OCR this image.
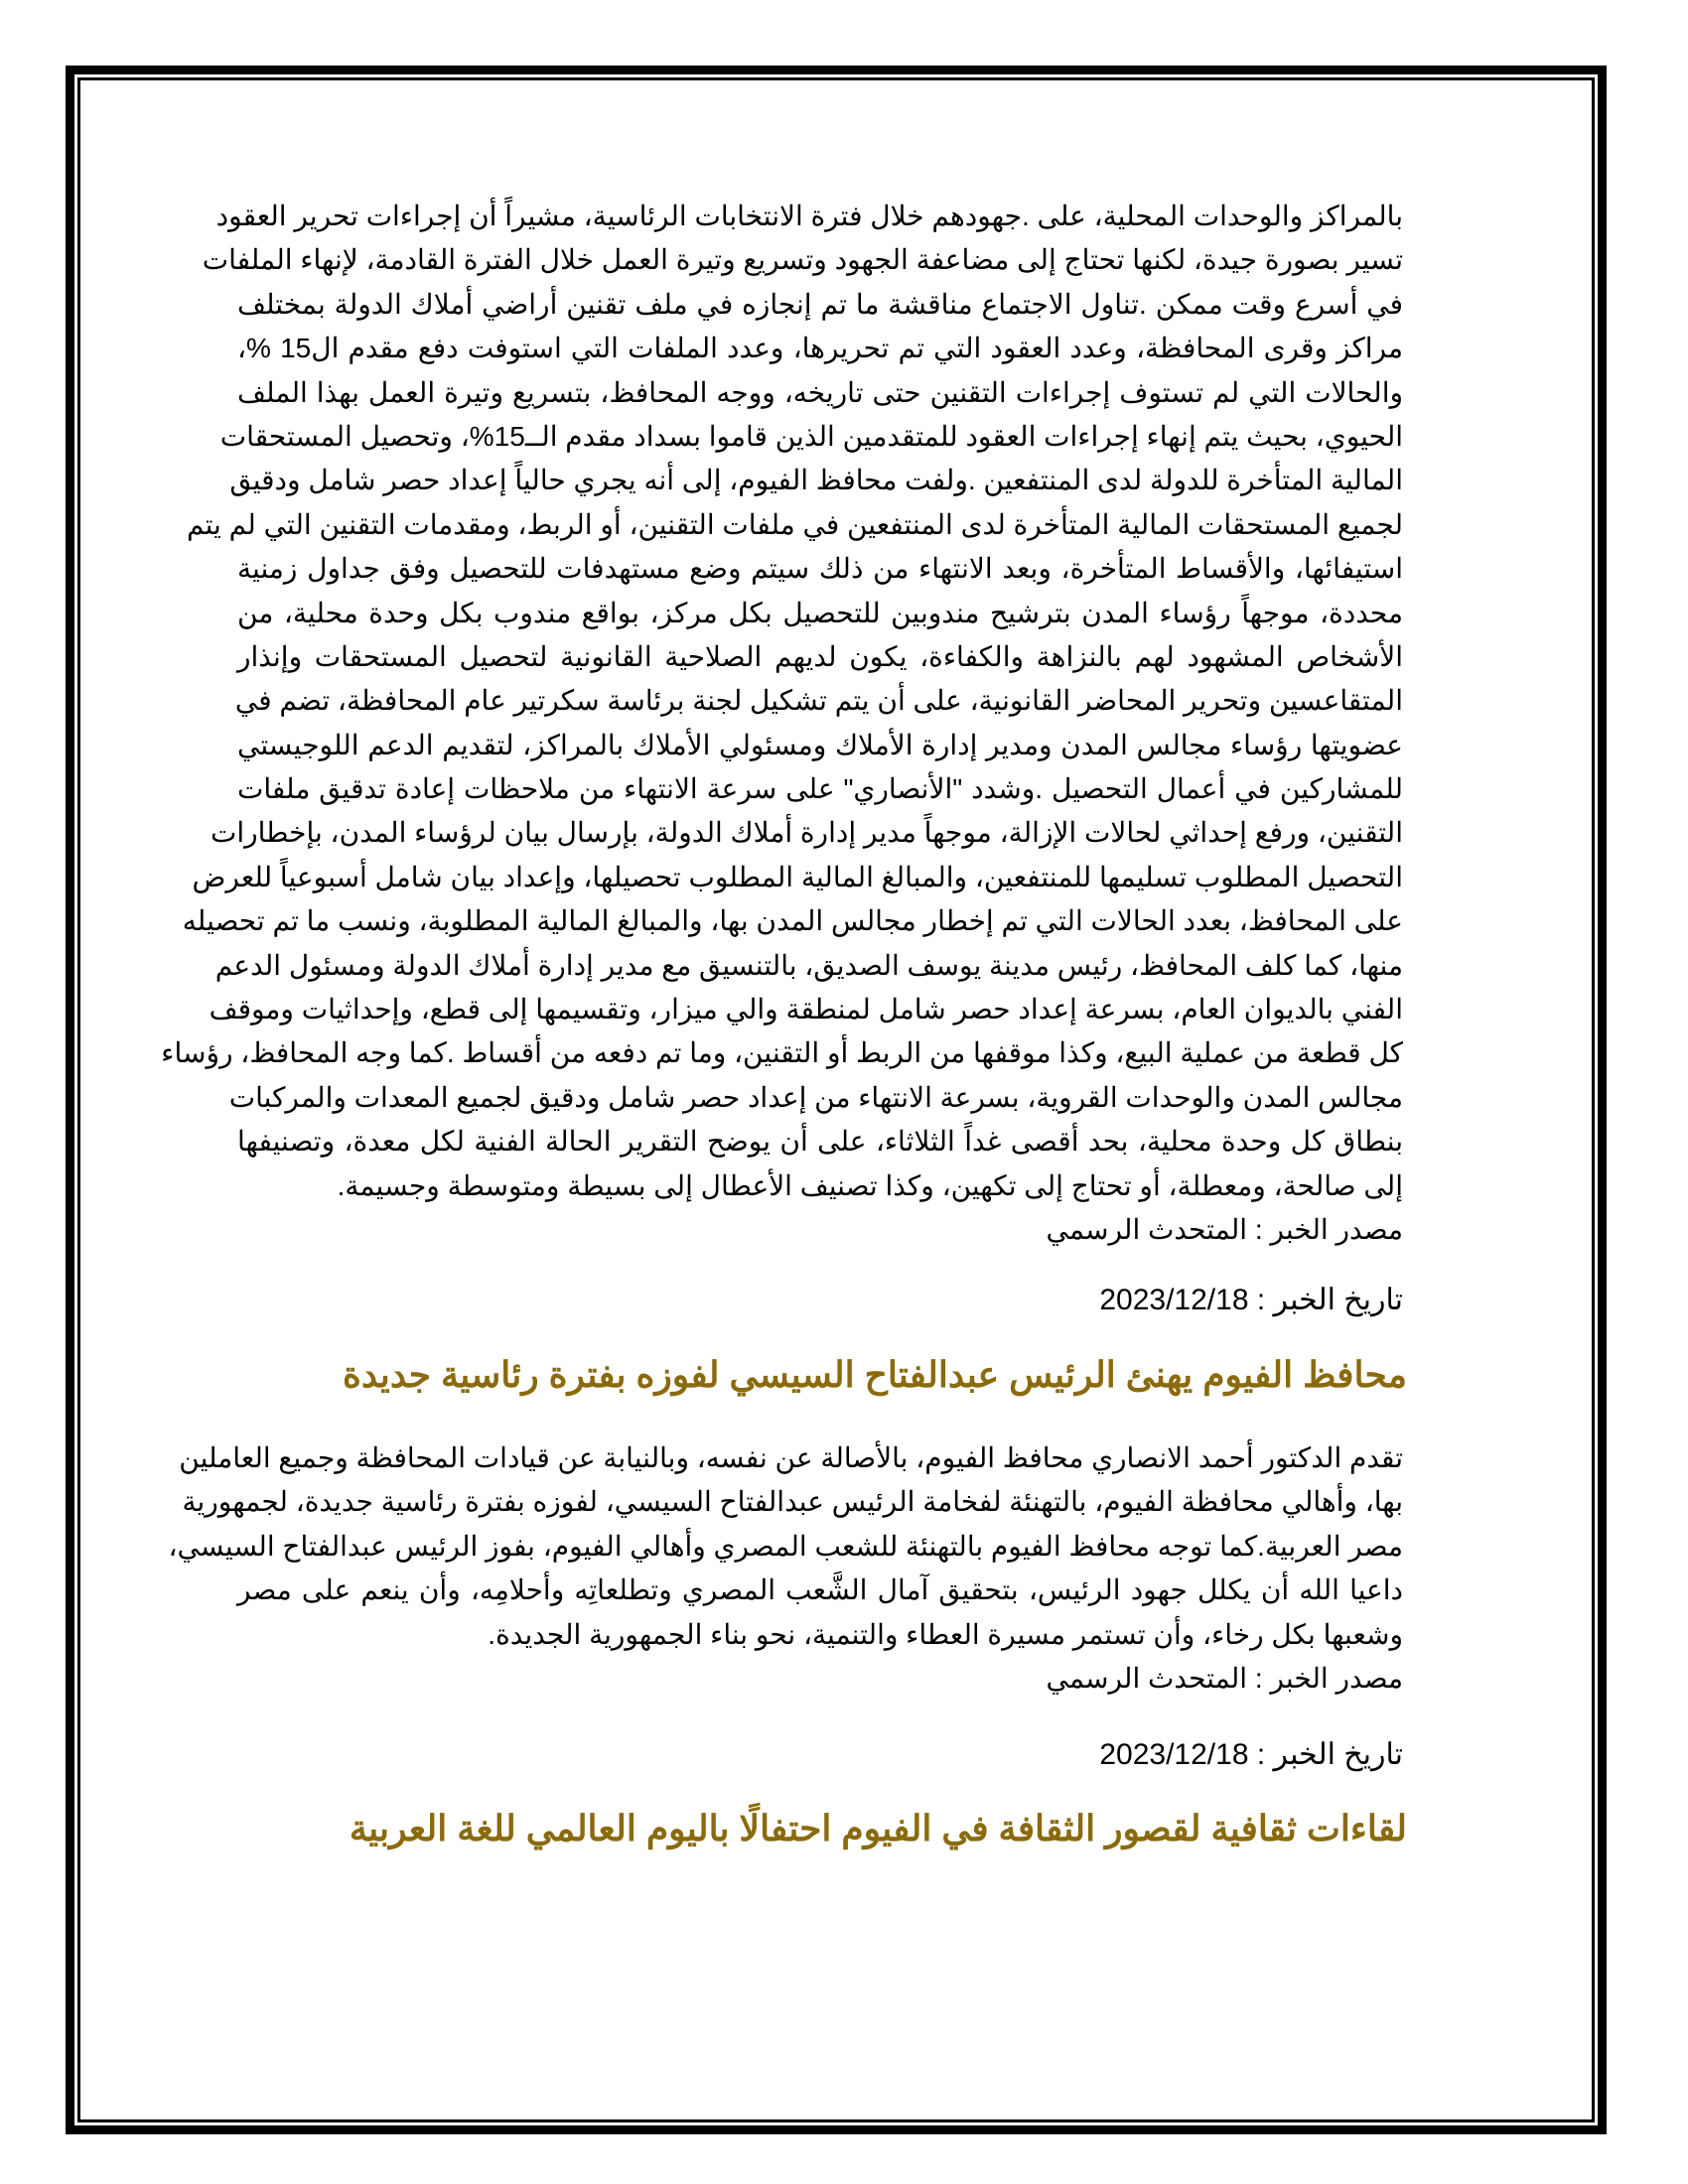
بالمراكز والوحدات المحلية، على .جهودهم خلال فترة الانتخابات الرئاسية، مشيراً أن إجراءات تحرير العقود
تسير بصورة جيدة، لكنها تحتاج إلى مضاعفة الجهود وتسريع وتيرة العمل خلال الفترة القادمة، لإنهاء الملفات
في أسرع وقت ممكن .تناول الاجتماع مناقشة ما تم إنجازه في ملف تقنين أراضي أملاك الدولة بمختلف
مراكز وقرى المحافظة، وعدد العقود التي تم تحريرها، وعدد الملفات التي استوفت دفع مقدم ال15 %،
والحالات التي لم تستوف إجراءات التقنين حتى تاريخه، ووجه المحافظ، بتسريع وتيرة العمل بهذا الملف
الحيوي، بحيث يتم إنهاء إجراءات العقود للمتقدمين الذين قاموا بسداد مقدم الــ15%، وتحصيل المستحقات
المالية المتأخرة للدولة لدى المنتفعين .ولفت محافظ الفيوم، إلى أنه يجري حالياً إعداد حصر شامل ودقيق
لجميع المستحقات المالية المتأخرة لدى المنتفعين في ملفات التقنين، أو الربط، ومقدمات التقنين التي لم يتم
استيفائها، والأقساط المتأخرة، وبعد الانتهاء من ذلك سيتم وضع مستهدفات للتحصيل وفق جداول زمنية
محددة، موجهاً رؤساء المدن بترشيح مندوبين للتحصيل بكل مركز، بواقع مندوب بكل وحدة محلية، من
الأشخاص المشهود لهم بالنزاهة والكفاءة، يكون لديهم الصلاحية القانونية لتحصيل المستحقات وإنذار
المتقاعسين وتحرير المحاضر القانونية، على أن يتم تشكيل لجنة برئاسة سكرتير عام المحافظة، تضم في
عضويتها رؤساء مجالس المدن ومدير إدارة الأملاك ومسئولي الأملاك بالمراكز، لتقديم الدعم اللوجيستي
للمشاركين في أعمال التحصيل .وشدد "الأنصاري" على سرعة الانتهاء من ملاحظات إعادة تدقيق ملفات
التقنين، ورفع إحداثي لحالات الإزالة، موجهاً مدير إدارة أملاك الدولة، بإرسال بيان لرؤساء المدن، بإخطارات
التحصيل المطلوب تسليمها للمنتفعين، والمبالغ المالية المطلوب تحصيلها، وإعداد بيان شامل أسبوعياً للعرض
على المحافظ، بعدد الحالات التي تم إخطار مجالس المدن بها، والمبالغ المالية المطلوبة، ونسب ما تم تحصيله
منها، كما كلف المحافظ، رئيس مدينة يوسف الصديق، بالتنسيق مع مدير إدارة أملاك الدولة ومسئول الدعم
الفني بالديوان العام، بسرعة إعداد حصر شامل لمنطقة والي ميزار، وتقسيمها إلى قطع، وإحداثيات وموقف
كل قطعة من عملية البيع، وكذا موقفها من الربط أو التقنين، وما تم دفعه من أقساط .كما وجه المحافظ، رؤساء
مجالس المدن والوحدات القروية، بسرعة الانتهاء من إعداد حصر شامل ودقيق لجميع المعدات والمركبات
بنطاق كل وحدة محلية، بحد أقصى غداً الثلاثاء، على أن يوضح التقرير الحالة الفنية لكل معدة، وتصنيفها
إلى صالحة، ومعطلة، أو تحتاج إلى تكهين، وكذا تصنيف الأعطال إلى بسيطة ومتوسطة وجسيمة.
مصدر الخبر : المتحدث الرسمي
تاريخ الخبر : 2023/12/18
محافظ الفيوم يهنئ الرئيس عبدالفتاح السيسي لفوزه بفترة رئاسية جديدة
تقدم الدكتور أحمد الانصاري محافظ الفيوم، بالأصالة عن نفسه، وبالنيابة عن قيادات المحافظة وجميع العاملين
بها، وأهالي محافظة الفيوم، بالتهنئة لفخامة الرئيس عبدالفتاح السيسي، لفوزه بفترة رئاسية جديدة، لجمهورية
مصر العربية.كما توجه محافظ الفيوم بالتهنئة للشعب المصري وأهالي الفيوم، بفوز الرئيس عبدالفتاح السيسي،
داعيا الله أن يكلل جهود الرئيس، بتحقيق آمال الشَّعب المصري وتطلعاتِه وأحلامِه، وأن ينعم على مصر
وشعبها بكل رخاء، وأن تستمر مسيرة العطاء والتنمية، نحو بناء الجمهورية الجديدة.
مصدر الخبر : المتحدث الرسمي
تاريخ الخبر : 2023/12/18
لقاءات ثقافية لقصور الثقافة في الفيوم احتفالًا باليوم العالمي للغة العربية
